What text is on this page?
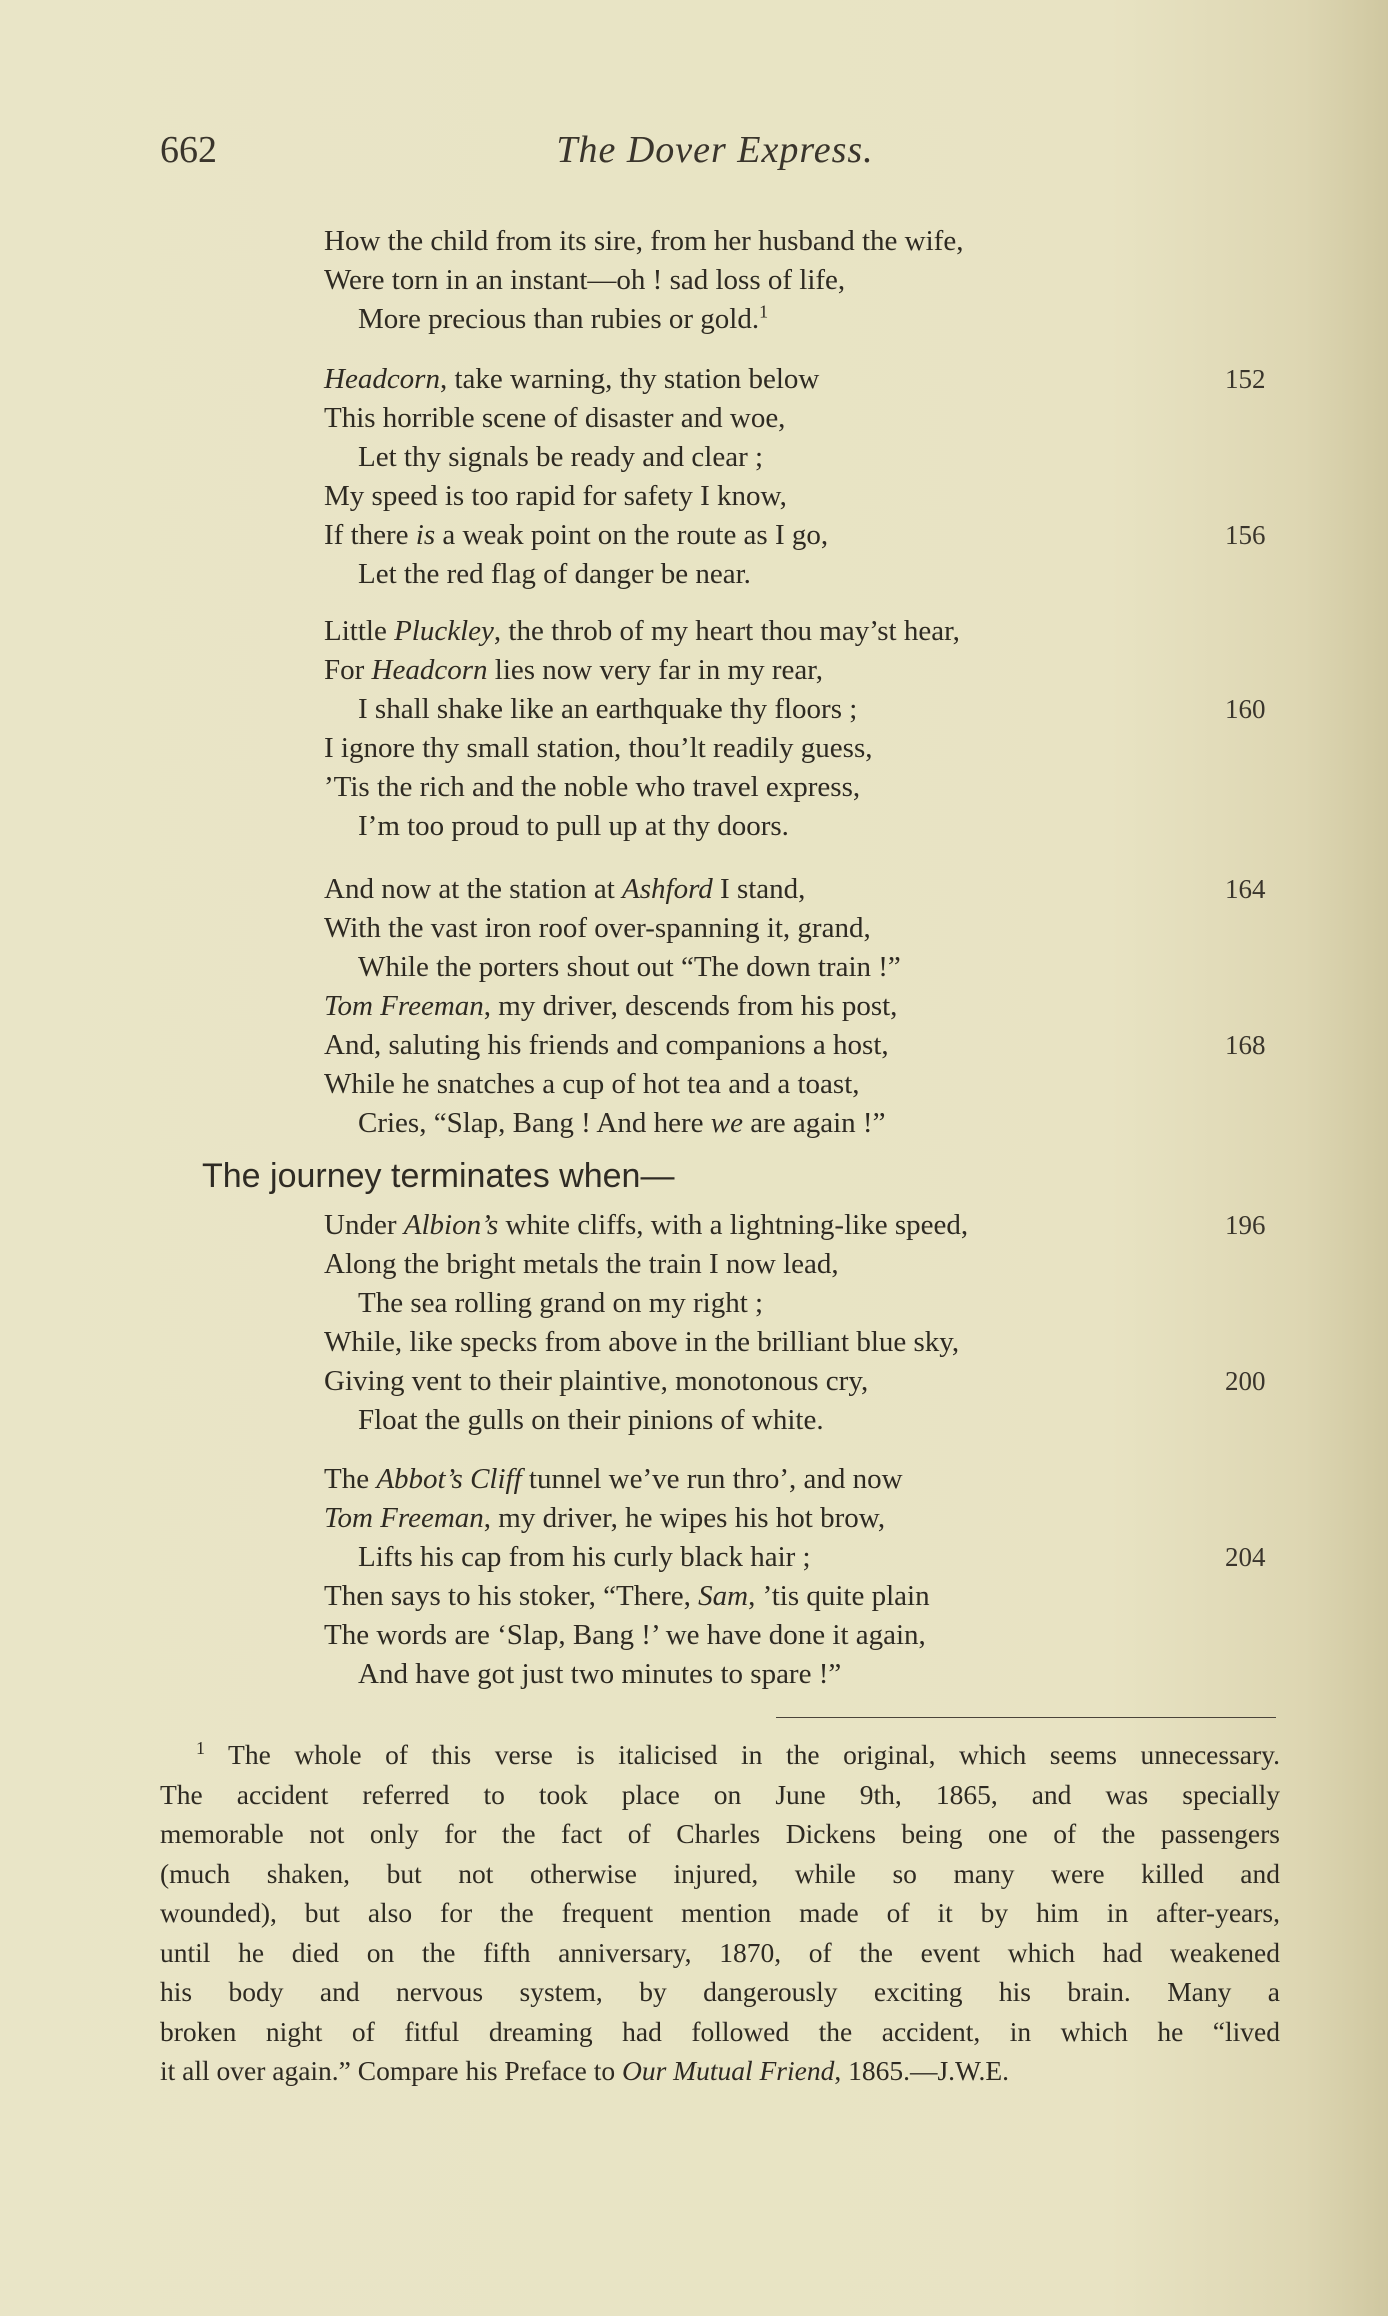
662	The Dover Express.
How the child from its sire, from her husband the wife,
Were torn in an instant—oh ! sad loss of life,
More precious than rubies or gold.$^1$
Headcorn, take warning, thy station below	152
This horrible scene of disaster and woe,
Let thy signals be ready and clear ;
My speed is too rapid for safety I know,
If there is a weak point on the route as I go,	156
Let the red flag of danger be near.
Little Pluckley, the throb of my heart thou may’st hear,
For Headcorn lies now very far in my rear,
I shall shake like an earthquake thy floors ;	160
I ignore thy small station, thou’lt readily guess,
’Tis the rich and the noble who travel express,
I’m too proud to pull up at thy doors.
And now at the station at Ashford I stand,	164
With the vast iron roof over-spanning it, grand,
While the porters shout out “The down train !”
Tom Freeman, my driver, descends from his post,
And, saluting his friends and companions a host,	168
While he snatches a cup of hot tea and a toast,
Cries, “Slap, Bang ! And here we are again !”
Under Albion’s white cliffs, with a lightning-like speed,	196
Along the bright metals the train I now lead,
The sea rolling grand on my right ;
While, like specks from above in the brilliant blue sky,
Giving vent to their plaintive, monotonous cry,	200
Float the gulls on their pinions of white.
The Abbot’s Cliff tunnel we’ve run thro’, and now
Tom Freeman, my driver, he wipes his hot brow,
Lifts his cap from his curly black hair ;	204
Then says to his stoker, “There, Sam, ’tis quite plain
The words are ‘Slap, Bang !’ we have done it again,
And have got just two minutes to spare !”
The journey terminates when—
$^1$ The whole of this verse is italicised in the original, which seems unnecessary.
The accident referred to took place on June 9th, 1865, and was specially
memorable not only for the fact of Charles Dickens being one of the passengers
(much shaken, but not otherwise injured, while so many were killed and
wounded), but also for the frequent mention made of it by him in after-years,
until he died on the fifth anniversary, 1870, of the event which had weakened
his body and nervous system, by dangerously exciting his brain. Many a
broken night of fitful dreaming had followed the accident, in which he “lived
it all over again.” Compare his Preface to Our Mutual Friend, 1865.—J.W.E.
